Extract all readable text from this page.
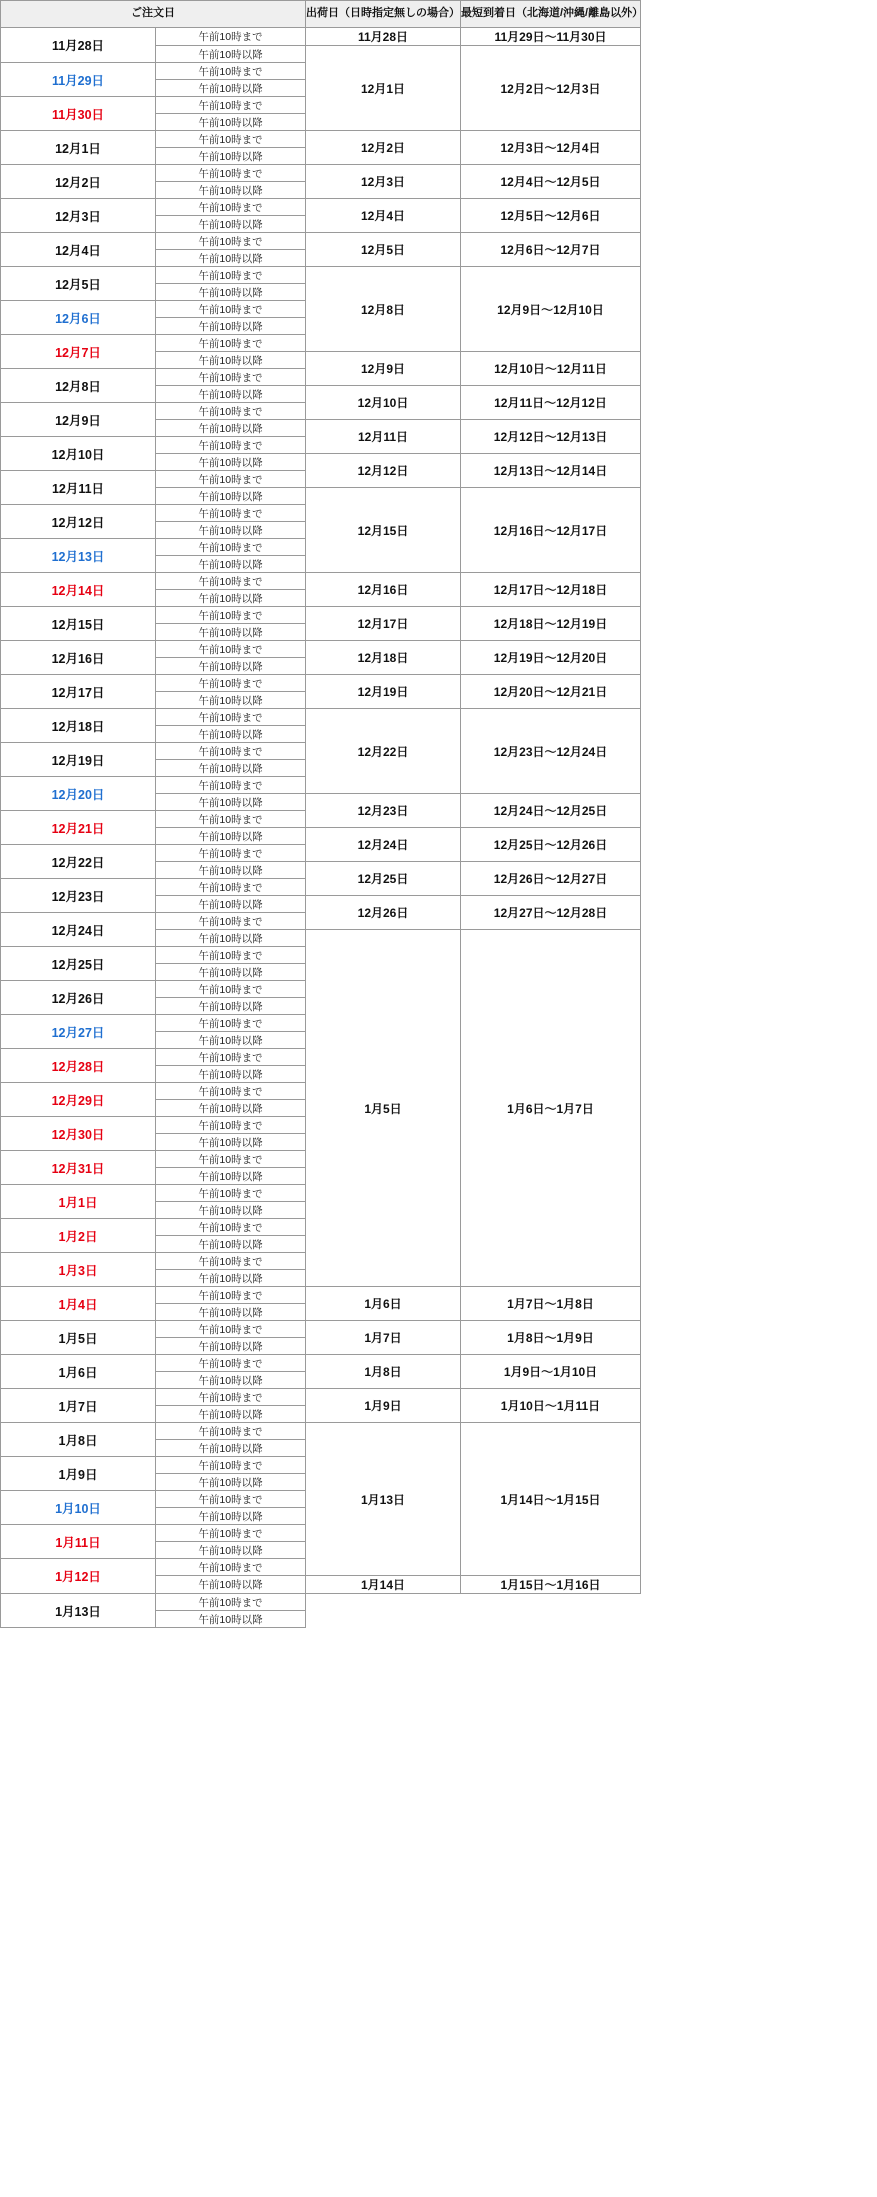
ご注文日		出荷日（日時指定無しの場合）	最短到着日（北海道/沖縄/離島以外）
11月28日	午前10時まで	11月28日	11月29日〜11月30日
	午前10時以降	12月1日	12月2日〜12月3日
11月29日	午前10時まで		
	午前10時以降		
11月30日	午前10時まで		
	午前10時以降		
12月1日	午前10時まで	12月2日	12月3日〜12月4日
	午前10時以降		
12月2日	午前10時まで	12月3日	12月4日〜12月5日
	午前10時以降		
12月3日	午前10時まで	12月4日	12月5日〜12月6日
	午前10時以降		
12月4日	午前10時まで	12月5日	12月6日〜12月7日
	午前10時以降		
12月5日	午前10時まで	12月8日	12月9日〜12月10日
	午前10時以降		
12月6日	午前10時まで		
	午前10時以降		
12月7日	午前10時まで		
	午前10時以降	12月9日	12月10日〜12月11日
12月8日	午前10時まで		
	午前10時以降	12月10日	12月11日〜12月12日
12月9日	午前10時まで		
	午前10時以降	12月11日	12月12日〜12月13日
12月10日	午前10時まで		
	午前10時以降	12月12日	12月13日〜12月14日
12月11日	午前10時まで		
	午前10時以降	12月15日	12月16日〜12月17日
12月12日	午前10時まで		
	午前10時以降		
12月13日	午前10時まで		
	午前10時以降		
12月14日	午前10時まで	12月16日	12月17日〜12月18日
	午前10時以降		
12月15日	午前10時まで	12月17日	12月18日〜12月19日
	午前10時以降		
12月16日	午前10時まで	12月18日	12月19日〜12月20日
	午前10時以降		
12月17日	午前10時まで	12月19日	12月20日〜12月21日
	午前10時以降		
12月18日	午前10時まで	12月22日	12月23日〜12月24日
	午前10時以降		
12月19日	午前10時まで		
	午前10時以降		
12月20日	午前10時まで		
	午前10時以降	12月23日	12月24日〜12月25日
12月21日	午前10時まで		
	午前10時以降	12月24日	12月25日〜12月26日
12月22日	午前10時まで		
	午前10時以降	12月25日	12月26日〜12月27日
12月23日	午前10時まで		
	午前10時以降	12月26日	12月27日〜12月28日
12月24日	午前10時まで		
	午前10時以降	1月5日	1月6日〜1月7日
12月25日	午前10時まで		
	午前10時以降		
12月26日	午前10時まで		
	午前10時以降		
12月27日	午前10時まで		
	午前10時以降		
12月28日	午前10時まで		
	午前10時以降		
12月29日	午前10時まで		
	午前10時以降		
12月30日	午前10時まで		
	午前10時以降		
12月31日	午前10時まで		
	午前10時以降		
1月1日	午前10時まで		
	午前10時以降		
1月2日	午前10時まで		
	午前10時以降		
1月3日	午前10時まで		
	午前10時以降		
1月4日	午前10時まで	1月6日	1月7日〜1月8日
	午前10時以降		
1月5日	午前10時まで	1月7日	1月8日〜1月9日
	午前10時以降		
1月6日	午前10時まで	1月8日	1月9日〜1月10日
	午前10時以降		
1月7日	午前10時まで	1月9日	1月10日〜1月11日
	午前10時以降		
1月8日	午前10時まで	1月13日	1月14日〜1月15日
	午前10時以降		
1月9日	午前10時まで		
	午前10時以降		
1月10日	午前10時まで		
	午前10時以降		
1月11日	午前10時まで		
	午前10時以降		
1月12日	午前10時まで		
	午前10時以降	1月14日	1月15日〜1月16日
1月13日	午前10時まで		
	午前10時以降		
